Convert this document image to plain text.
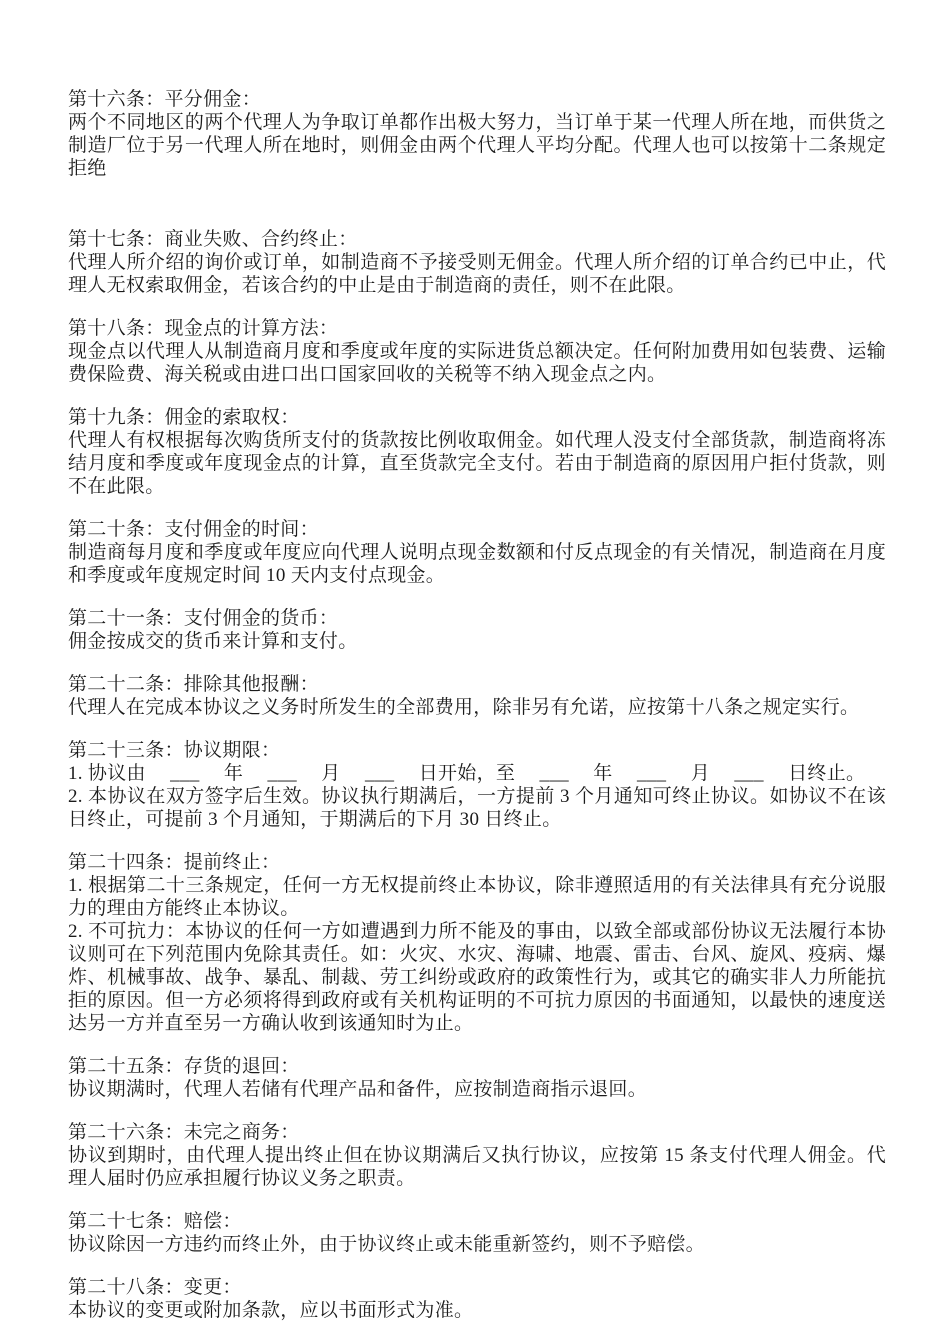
第十六条：平分佣金：

两个不同地区的两个代理人为争取订单都作出极大努力，当订单于某一代理人所在地，而供货之制造厂位于另一代理人所在地时，则佣金由两个代理人平均分配。代理人也可以按第十二条规定拒绝

第十七条：商业失败、合约终止：

代理人所介绍的询价或订单，如制造商不予接受则无佣金。代理人所介绍的订单合约已中止，代理人无权索取佣金，若该合约的中止是由于制造商的责任，则不在此限。

第十八条：现金点的计算方法：

现金点以代理人从制造商月度和季度或年度的实际进货总额决定。任何附加费用如包装费、运输费保险费、海关税或由进口出口国家回收的关税等不纳入现金点之内。

第十九条：佣金的索取权：

代理人有权根据每次购货所支付的货款按比例收取佣金。如代理人没支付全部货款，制造商将冻结月度和季度或年度现金点的计算，直至货款完全支付。若由于制造商的原因用户拒付货款，则不在此限。

第二十条：支付佣金的时间：

制造商每月度和季度或年度应向代理人说明点现金数额和付反点现金的有关情况，制造商在月度和季度或年度规定时间 10 天内支付点现金。

第二十一条：支付佣金的货币：

佣金按成交的货币来计算和支付。

第二十二条：排除其他报酬：

代理人在完成本协议之义务时所发生的全部费用，除非另有允诺，应按第十八条之规定实行。

第二十三条：协议期限：

1. 协议由　 ___ 　年　 ___ 　月　 ___ 　日开始，至　 ___ 　年　 ___ 　月　 ___ 　日终止。

2. 本协议在双方签字后生效。协议执行期满后，一方提前 3 个月通知可终止协议。如协议不在该日终止，可提前 3 个月通知，于期满后的下月 30 日终止。

第二十四条：提前终止：

1. 根据第二十三条规定，任何一方无权提前终止本协议，除非遵照适用的有关法律具有充分说服力的理由方能终止本协议。

2. 不可抗力：本协议的任何一方如遭遇到力所不能及的事由，以致全部或部份协议无法履行本协议则可在下列范围内免除其责任。如：火灾、水灾、海啸、地震、雷击、台风、旋风、疫病、爆炸、机械事故、战争、暴乱、制裁、劳工纠纷或政府的政策性行为，或其它的确实非人力所能抗拒的原因。但一方必须将得到政府或有关机构证明的不可抗力原因的书面通知，以最快的速度送达另一方并直至另一方确认收到该通知时为止。

第二十五条：存货的退回：

协议期满时，代理人若储有代理产品和备件，应按制造商指示退回。

第二十六条：未完之商务：

协议到期时，由代理人提出终止但在协议期满后又执行协议，应按第 15 条支付代理人佣金。代理人届时仍应承担履行协议义务之职责。

第二十七条：赔偿：

协议除因一方违约而终止外，由于协议终止或未能重新签约，则不予赔偿。

第二十八条：变更：

本协议的变更或附加条款，应以书面形式为准。
